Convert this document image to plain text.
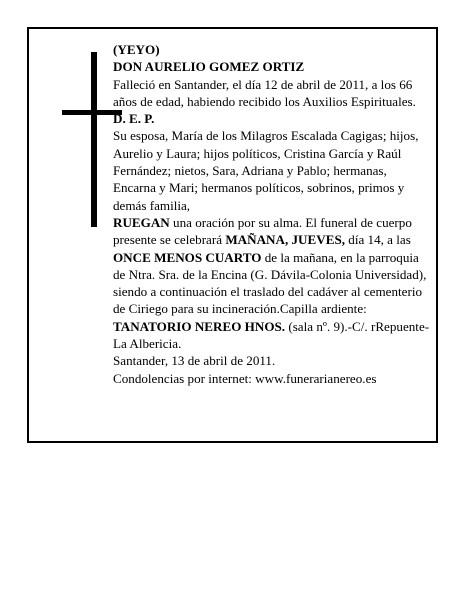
(YEYO)

DON AURELIO GOMEZ ORTIZ

Falleció en Santander, el día 12 de abril de 2011, a los 66 años de edad, habiendo recibido los Auxilios Espirituales.

D. E. P.

Su esposa, María de los Milagros Escalada Cagigas; hijos, Aurelio y Laura; hijos políticos, Cristina García y Raúl Fernández; nietos, Sara, Adriana y Pablo; hermanas, Encarna y Mari; hermanos políticos, sobrinos, primos y demás familia,

RUEGAN una oración por su alma. El funeral de cuerpo presente se celebrará MAÑANA, JUEVES, día 14, a las ONCE MENOS CUARTO de la mañana, en la parroquia de Ntra. Sra. de la Encina (G. Dávila-Colonia Universidad), siendo a continuación el traslado del cadáver al cementerio de Ciriego para su incineración.Capilla ardiente: TANATORIO NEREO HNOS. (sala nº. 9).-C/. rRepuente-La Albericia.

Santander, 13 de abril de 2011.

Condolencias por internet: www.funerarianereo.es
